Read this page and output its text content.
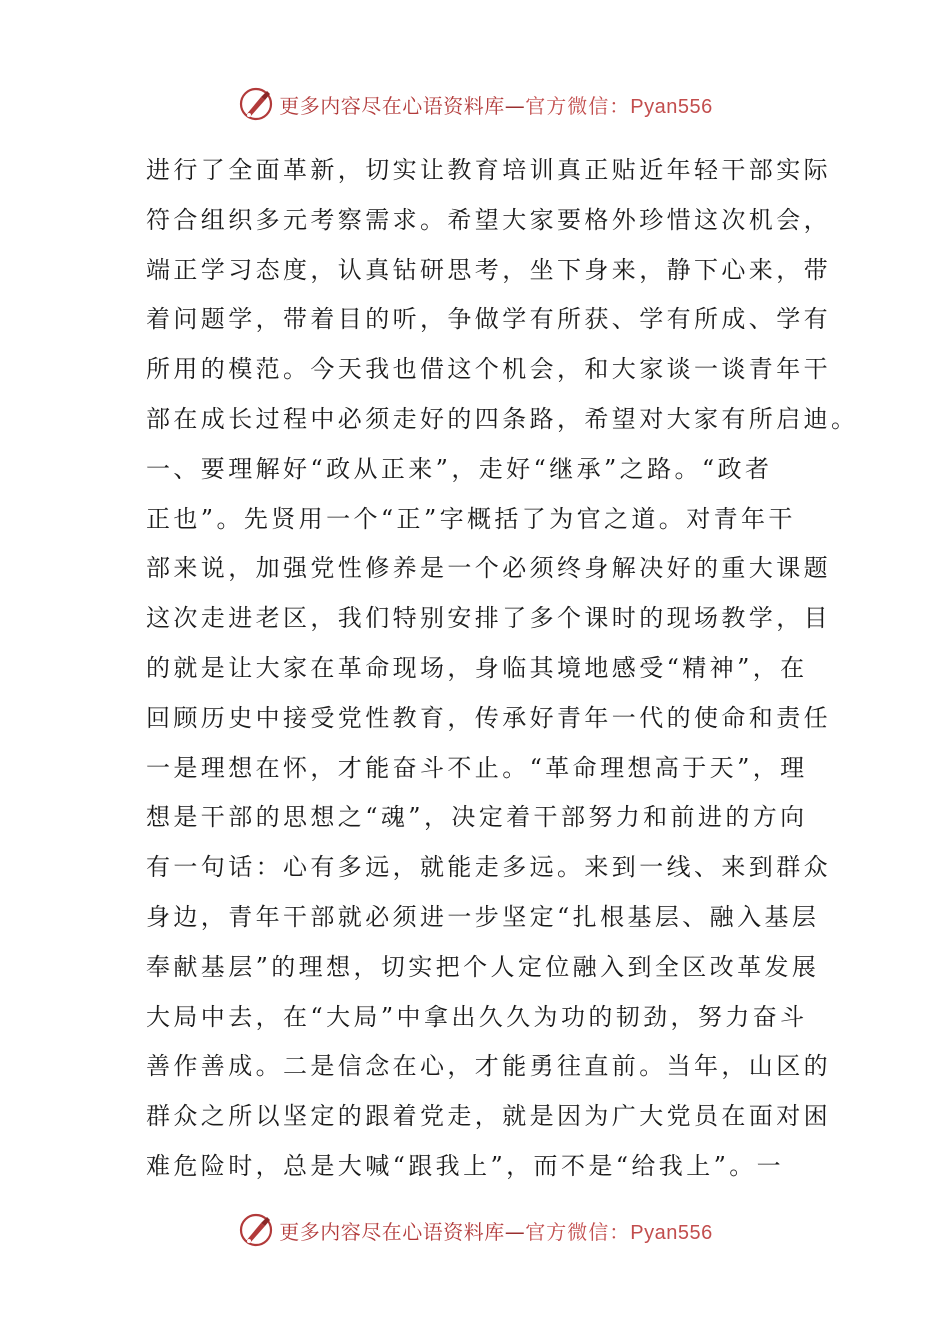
更多内容尽在心语资料库—官方微信：Pyan556
进行了全面革新，切实让教育培训真正贴近年轻干部实际
符合组织多元考察需求。希望大家要格外珍惜这次机会，
端正学习态度，认真钻研思考，坐下身来，静下心来，带
着问题学，带着目的听，争做学有所获、学有所成、学有
所用的模范。今天我也借这个机会，和大家谈一谈青年干
部在成长过程中必须走好的四条路，希望对大家有所启迪。
一、要理解好“政从正来”，走好“继承”之路。“政者
正也”。先贤用一个“正”字概括了为官之道。对青年干
部来说，加强党性修养是一个必须终身解决好的重大课题
这次走进老区，我们特别安排了多个课时的现场教学，目
的就是让大家在革命现场，身临其境地感受“精神”，在
回顾历史中接受党性教育，传承好青年一代的使命和责任
一是理想在怀，才能奋斗不止。“革命理想高于天”，理
想是干部的思想之“魂”，决定着干部努力和前进的方向
有一句话：心有多远，就能走多远。来到一线、来到群众
身边，青年干部就必须进一步坚定“扎根基层、融入基层
奉献基层”的理想，切实把个人定位融入到全区改革发展
大局中去，在“大局”中拿出久久为功的韧劲，努力奋斗
善作善成。二是信念在心，才能勇往直前。当年，山区的
群众之所以坚定的跟着党走，就是因为广大党员在面对困
难危险时，总是大喊“跟我上”，而不是“给我上”。一
更多内容尽在心语资料库—官方微信：Pyan556
